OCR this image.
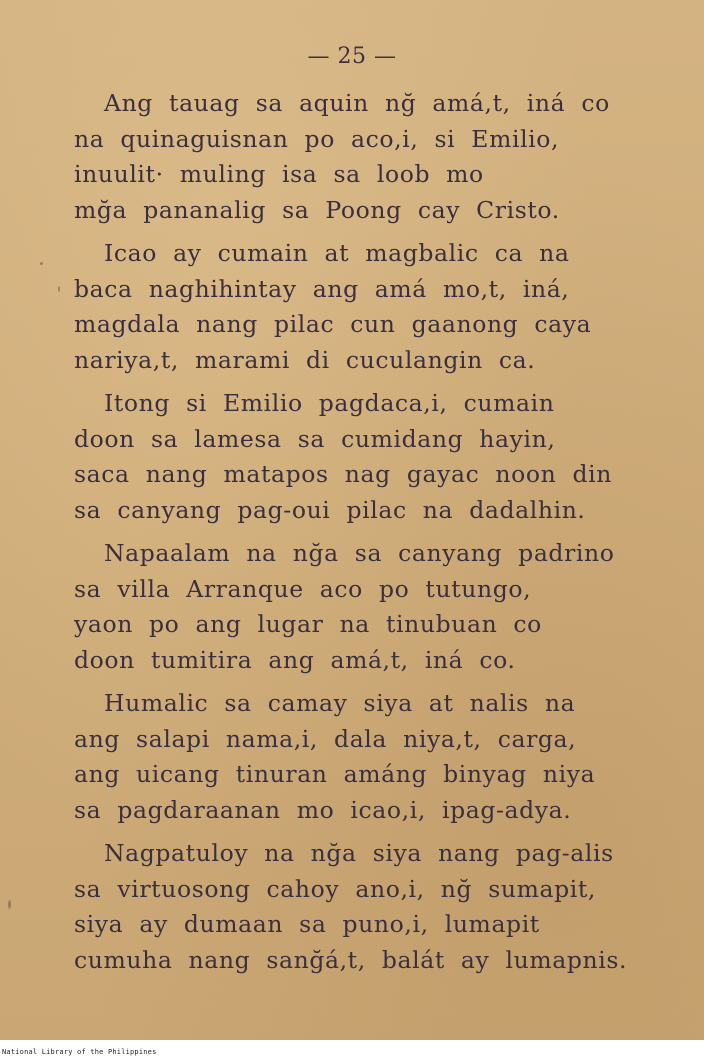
— 25 —
Ang tauag sa aquin nğ amá,t, iná co
na quinaguisnan po aco,i, si Emilio,
inuulit· muling isa sa loob mo
mğa pananalig sa Poong cay Cristo.
Icao ay cumain at magbalic ca na
baca naghihintay ang amá mo,t, iná,
magdala nang pilac cun gaanong caya
nariya,t, marami di cuculangin ca.
Itong si Emilio pagdaca,i, cumain
doon sa lamesa sa cumidang hayin,
saca nang matapos nag gayac noon din
sa canyang pag-oui pilac na dadalhin.
Napaalam na nğa sa canyang padrino
sa villa Arranque aco po tutungo,
yaon po ang lugar na tinubuan co
doon tumitira ang amá,t, iná co.
Humalic sa camay siya at nalis na
ang salapi nama,i, dala niya,t, carga,
ang uicang tinuran amáng binyag niya
sa pagdaraanan mo icao,i, ipag-adya.
Nagpatuloy na nğa siya nang pag-alis
sa virtuosong cahoy ano,i, nğ sumapit,
siya ay dumaan sa puno,i, lumapit
cumuha nang sanğá,t, balát ay lumapnis.
National Library of the Philippines
